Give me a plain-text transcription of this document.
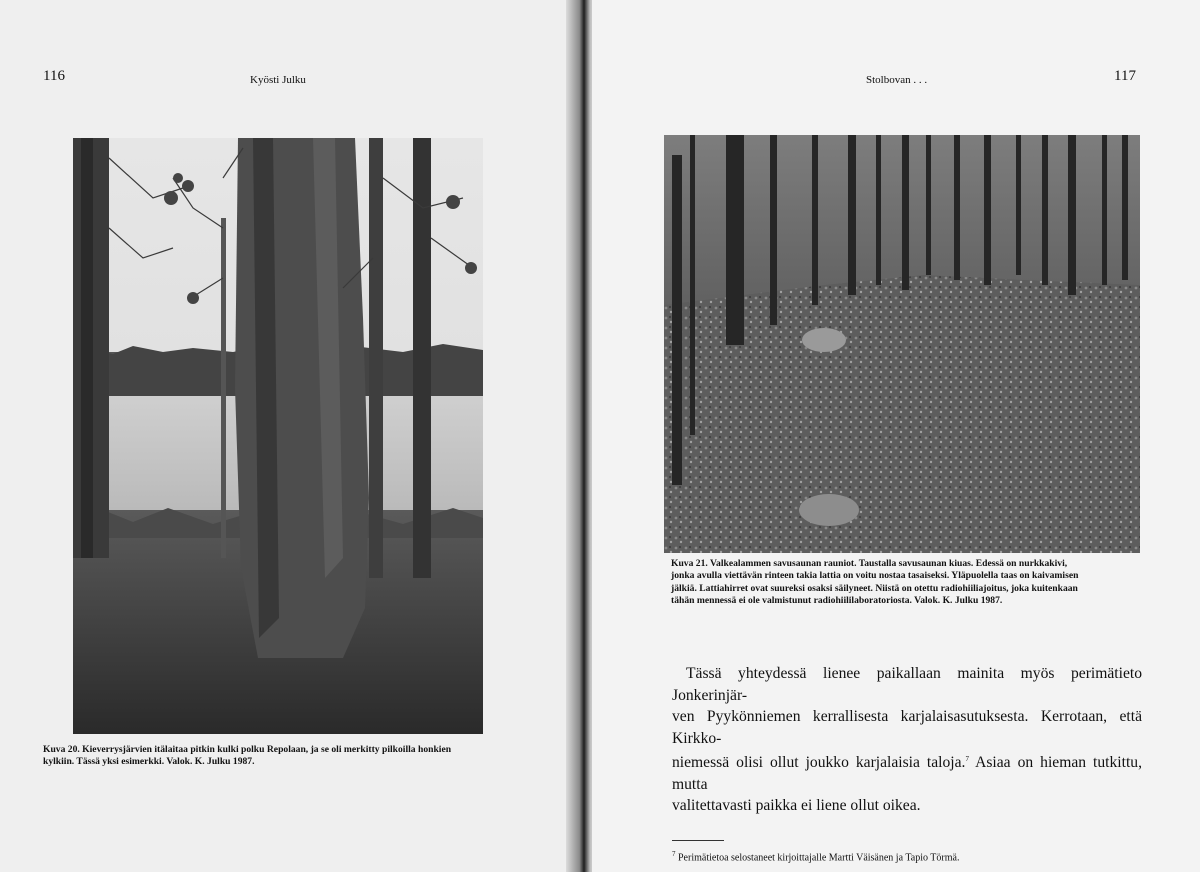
116	Kyösti Julku
Kuva 20. Kieverrysjärvien itälaitaa pitkin kulki polku Repolaan, ja se oli merkitty pilkoilla honkien
kylkiin. Tässä yksi esimerkki. Valok. K. Julku 1987.
Stolbovan . . .	117
Kuva 21. Valkealammen savusaunan rauniot. Taustalla savusaunan kiuas. Edessä on nurkkakivi,
jonka avulla viettävän rinteen takia lattia on voitu nostaa tasaiseksi. Yläpuolella taas on kaivamisen
jälkiä. Lattiahirret ovat suureksi osaksi säilyneet. Niistä on otettu radiohiiliajoitus, joka kuitenkaan
tähän mennessä ei ole valmistunut radiohiililaboratoriosta. Valok. K. Julku 1987.
Tässä yhteydessä lienee paikallaan mainita myös perimätieto Jonkerinjär-
ven Pyykönniemen kerrallisesta karjalaisasutuksesta. Kerrotaan, että Kirkko-
niemessä olisi ollut joukko karjalaisia taloja.$^7$ Asiaa on hieman tutkittu, mutta
valitettavasti paikka ei liene ollut oikea.
$^7$ Perimätietoa selostaneet kirjoittajalle Martti Väisänen ja Tapio Törmä.
